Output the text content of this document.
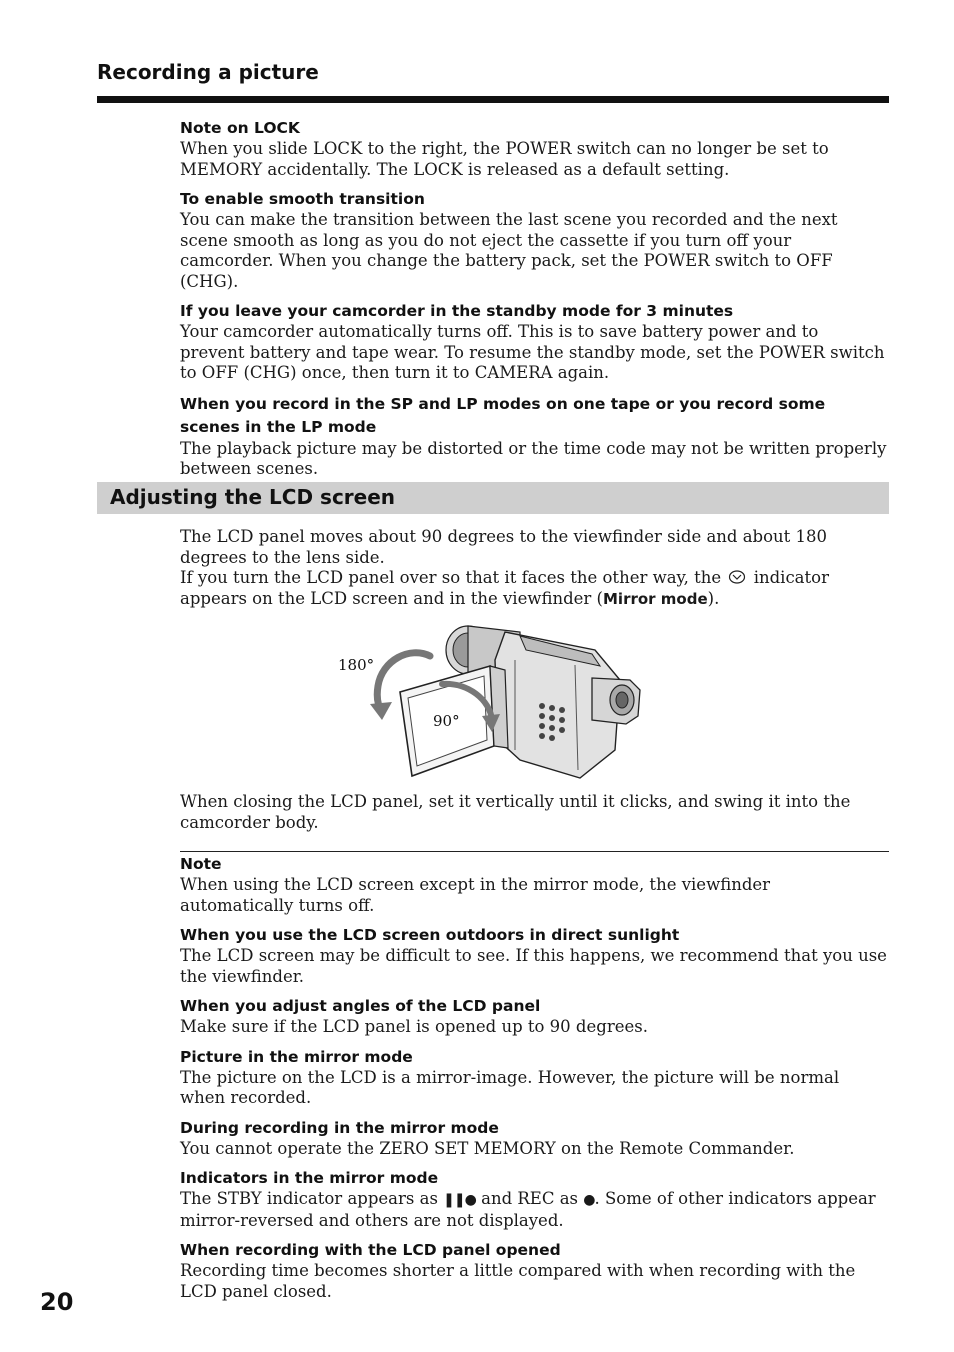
Recording a picture
Note on LOCK
When you slide LOCK to the right, the POWER switch can no longer be set to MEMORY accidentally. The LOCK is released as a default setting.
To enable smooth transition
You can make the transition between the last scene you recorded and the next scene smooth as long as you do not eject the cassette if you turn off your camcorder. When you change the battery pack, set the POWER switch to OFF (CHG).
If you leave your camcorder in the standby mode for 3 minutes
Your camcorder automatically turns off. This is to save battery power and to prevent battery and tape wear. To resume the standby mode, set the POWER switch to OFF (CHG) once, then turn it to CAMERA again.
When you record in the SP and LP modes on one tape or you record some scenes in the LP mode
The playback picture may be distorted or the time code may not be written properly between scenes.
Adjusting the LCD screen

The LCD panel moves about 90 degrees to the viewfinder side and about 180 degrees to the lens side.

If you turn the LCD panel over so that it faces the other way, the indicator appears on the LCD screen and in the viewfinder (Mirror mode).

180°
90°

When closing the LCD panel, set it vertically until it clicks, and swing it into the camcorder body.

Note
When using the LCD screen except in the mirror mode, the viewfinder automatically turns off.
When you use the LCD screen outdoors in direct sunlight
The LCD screen may be difficult to see. If this happens, we recommend that you use the viewfinder.
When you adjust angles of the LCD panel
Make sure if the LCD panel is opened up to 90 degrees.
Picture in the mirror mode
The picture on the LCD is a mirror-image. However, the picture will be normal when recorded.
During recording in the mirror mode
You cannot operate the ZERO SET MEMORY on the Remote Commander.
Indicators in the mirror mode
The STBY indicator appears as ❚❚● and REC as ●. Some of other indicators appear mirror-reversed and others are not displayed.
When recording with the LCD panel opened
Recording time becomes shorter a little compared with when recording with the LCD panel closed.
20
